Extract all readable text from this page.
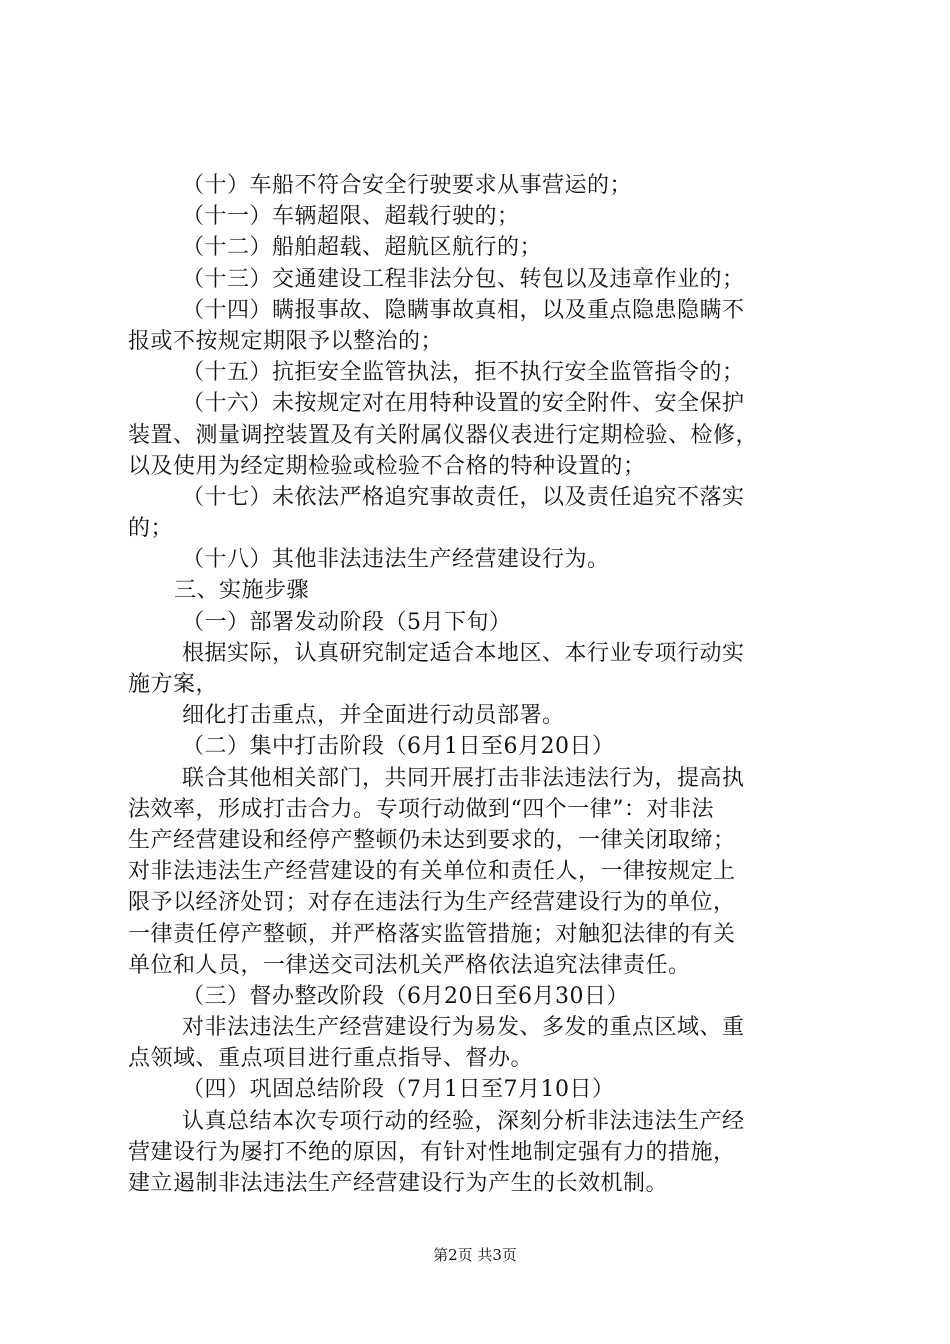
（十）车船不符合安全行驶要求从事营运的；
（十一）车辆超限、超载行驶的；
（十二）船舶超载、超航区航行的；
（十三）交通建设工程非法分包、转包以及违章作业的；
（十四）瞒报事故、隐瞒事故真相，以及重点隐患隐瞒不
报或不按规定期限予以整治的；
（十五）抗拒安全监管执法，拒不执行安全监管指令的；
（十六）未按规定对在用特种设置的安全附件、安全保护
装置、测量调控装置及有关附属仪器仪表进行定期检验、检修，
以及使用为经定期检验或检验不合格的特种设置的；
（十七）未依法严格追究事故责任，以及责任追究不落实
的；
（十八）其他非法违法生产经营建设行为。
三、实施步骤
（一）部署发动阶段（5月下旬）
根据实际，认真研究制定适合本地区、本行业专项行动实
施方案，
细化打击重点，并全面进行动员部署。
（二）集中打击阶段（6月1日至6月20日）
联合其他相关部门，共同开展打击非法违法行为，提高执
法效率，形成打击合力。专项行动做到“四个一律”：对非法
生产经营建设和经停产整顿仍未达到要求的，一律关闭取缔；
对非法违法生产经营建设的有关单位和责任人，一律按规定上
限予以经济处罚；对存在违法行为生产经营建设行为的单位，
一律责任停产整顿，并严格落实监管措施；对触犯法律的有关
单位和人员，一律送交司法机关严格依法追究法律责任。
（三）督办整改阶段（6月20日至6月30日）
对非法违法生产经营建设行为易发、多发的重点区域、重
点领域、重点项目进行重点指导、督办。
（四）巩固总结阶段（7月1日至7月10日）
认真总结本次专项行动的经验，深刻分析非法违法生产经
营建设行为屡打不绝的原因，有针对性地制定强有力的措施，
建立遏制非法违法生产经营建设行为产生的长效机制。
第2页 共3页
